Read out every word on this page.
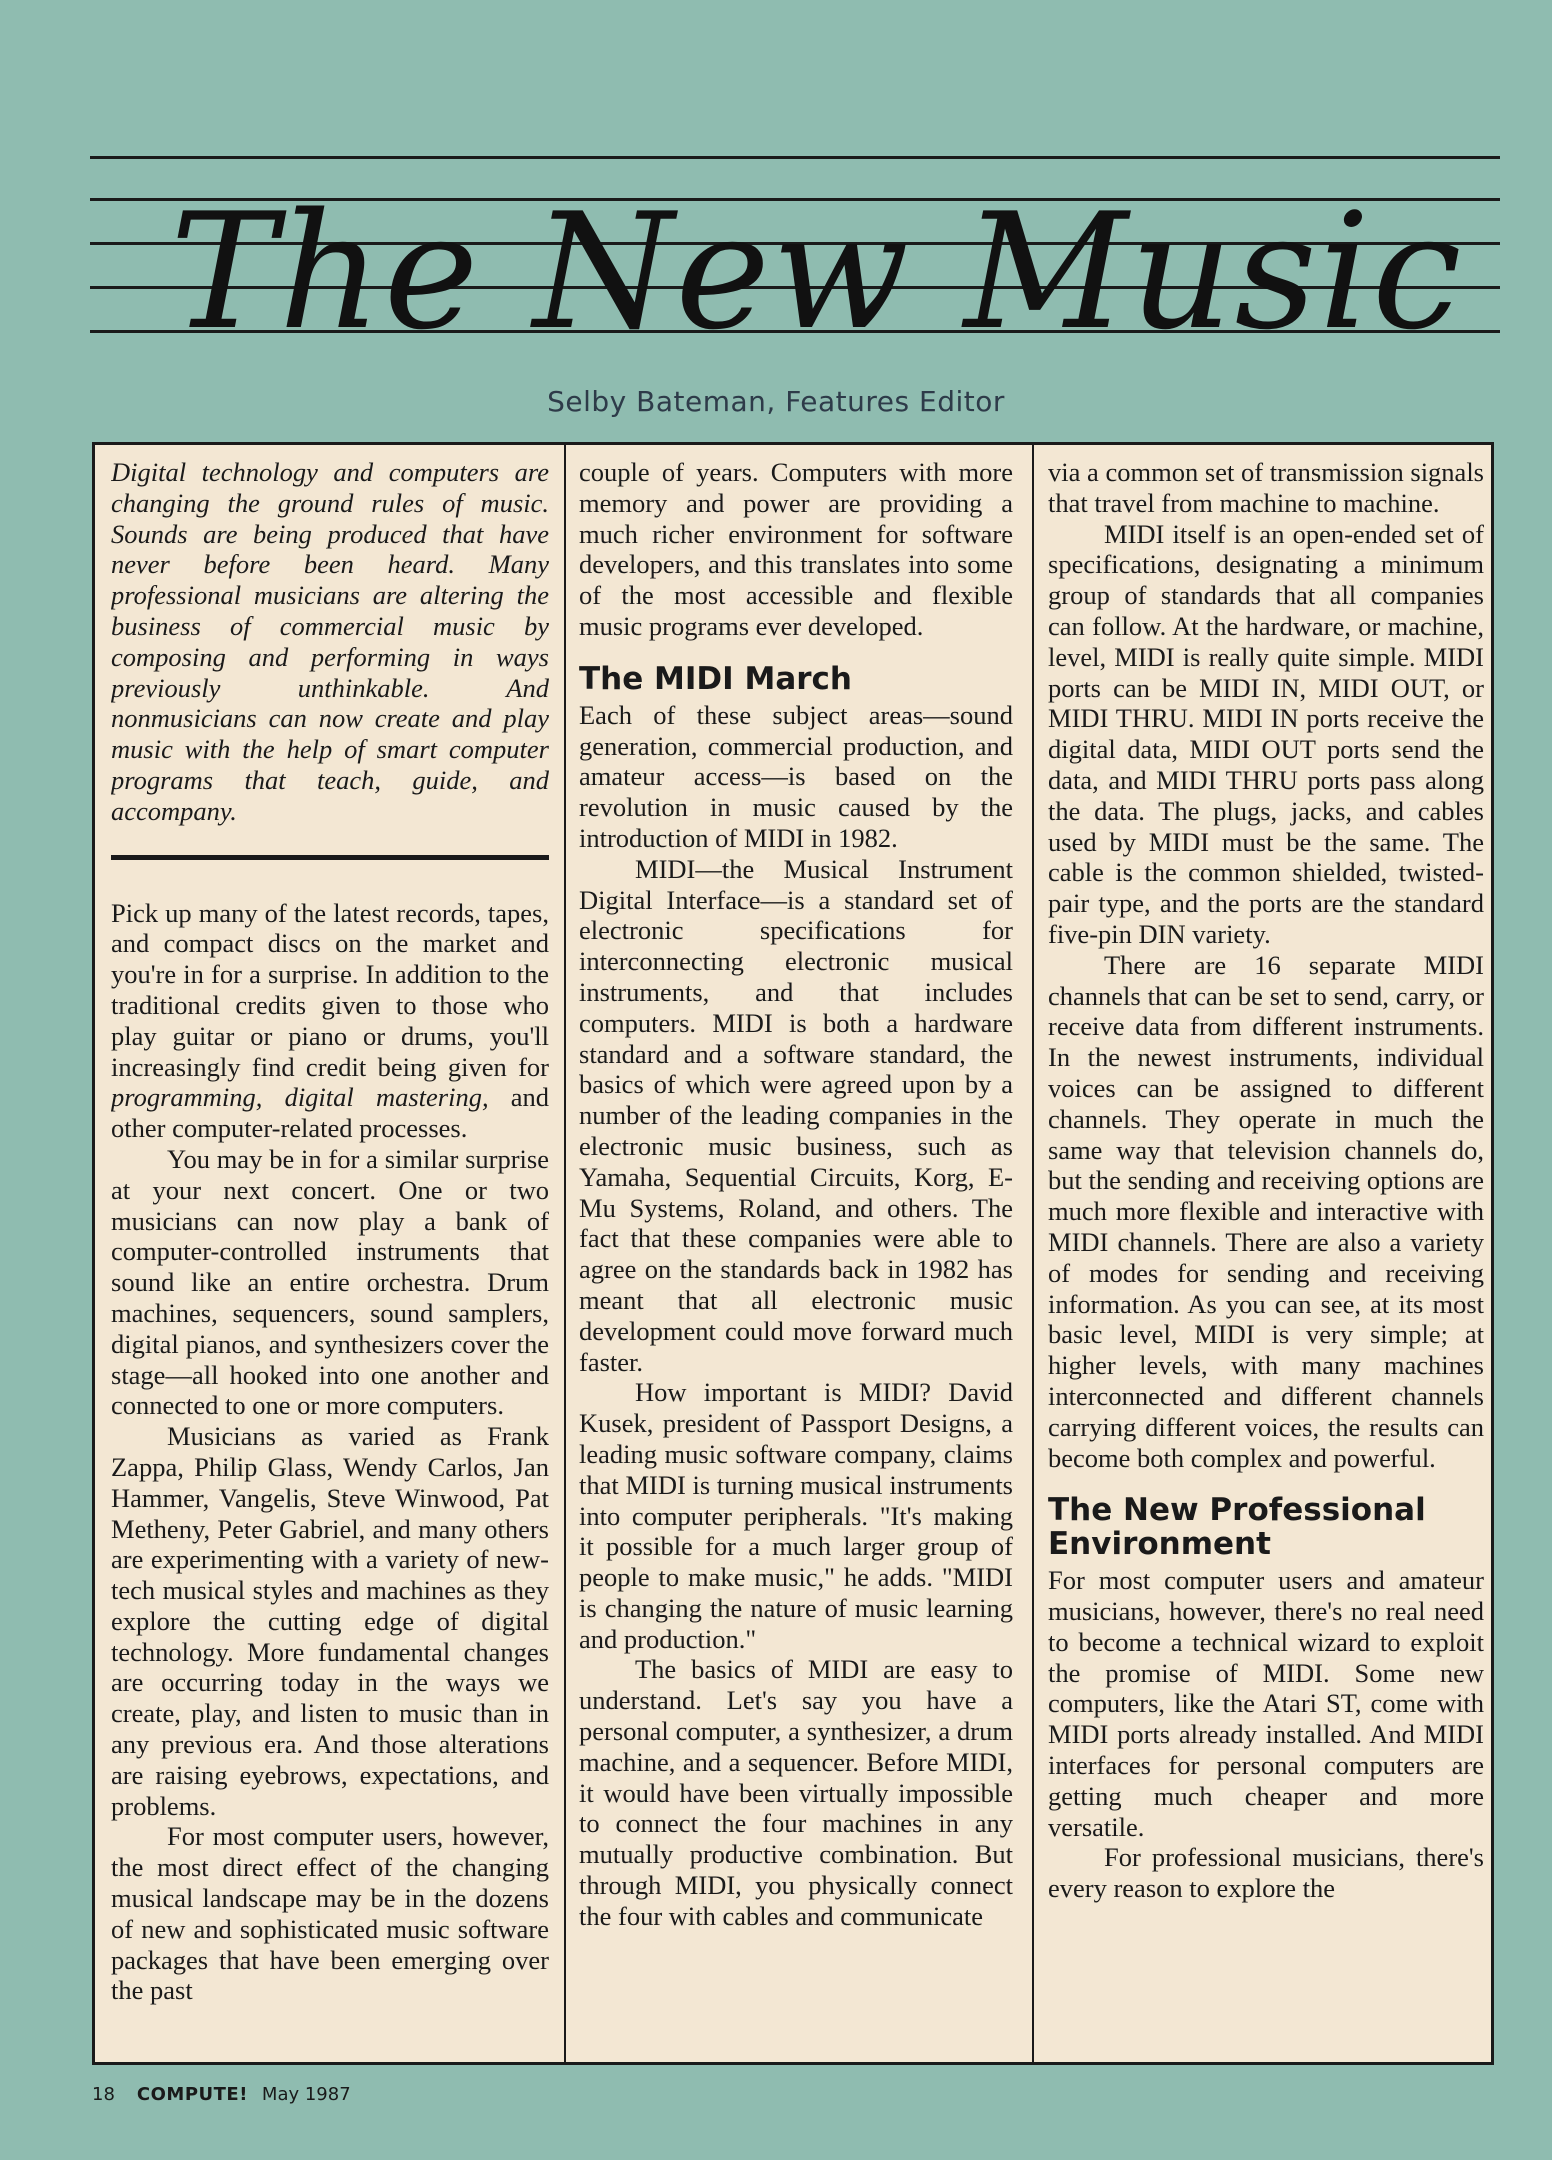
The New Music
Selby Bateman, Features Editor

Digital technology and computers are changing the ground rules of music. Sounds are being produced that have never before been heard. Many professional musicians are altering the business of commercial music by composing and performing in ways previously unthinkable. And nonmusicians can now create and play music with the help of smart computer programs that teach, guide, and accompany.

Pick up many of the latest records, tapes, and compact discs on the market and you're in for a surprise. In addition to the traditional credits given to those who play guitar or piano or drums, you'll increasingly find credit being given for programming, digital mastering, and other computer-related processes.

You may be in for a similar surprise at your next concert. One or two musicians can now play a bank of computer-controlled instruments that sound like an entire orchestra. Drum machines, sequencers, sound samplers, digital pianos, and synthesizers cover the stage—all hooked into one another and connected to one or more computers.

Musicians as varied as Frank Zappa, Philip Glass, Wendy Carlos, Jan Hammer, Vangelis, Steve Winwood, Pat Metheny, Peter Gabriel, and many others are experimenting with a variety of new-tech musical styles and machines as they explore the cutting edge of digital technology. More fundamental changes are occurring today in the ways we create, play, and listen to music than in any previous era. And those alterations are raising eyebrows, expectations, and problems.

For most computer users, however, the most direct effect of the changing musical landscape may be in the dozens of new and sophisticated music software packages that have been emerging over the past

couple of years. Computers with more memory and power are providing a much richer environment for software developers, and this translates into some of the most accessible and flexible music programs ever developed.

The MIDI March

Each of these subject areas—sound generation, commercial production, and amateur access—is based on the revolution in music caused by the introduction of MIDI in 1982.

MIDI—the Musical Instrument Digital Interface—is a standard set of electronic specifications for interconnecting electronic musical instruments, and that includes computers. MIDI is both a hardware standard and a software standard, the basics of which were agreed upon by a number of the leading companies in the electronic music business, such as Yamaha, Sequential Circuits, Korg, E-Mu Systems, Roland, and others. The fact that these companies were able to agree on the standards back in 1982 has meant that all electronic music development could move forward much faster.

How important is MIDI? David Kusek, president of Passport Designs, a leading music software company, claims that MIDI is turning musical instruments into computer peripherals. "It's making it possible for a much larger group of people to make music," he adds. "MIDI is changing the nature of music learning and production."

The basics of MIDI are easy to understand. Let's say you have a personal computer, a synthesizer, a drum machine, and a sequencer. Before MIDI, it would have been virtually impossible to connect the four machines in any mutually productive combination. But through MIDI, you physically connect the four with cables and communicate

via a common set of transmission signals that travel from machine to machine.

MIDI itself is an open-ended set of specifications, designating a minimum group of standards that all companies can follow. At the hardware, or machine, level, MIDI is really quite simple. MIDI ports can be MIDI IN, MIDI OUT, or MIDI THRU. MIDI IN ports receive the digital data, MIDI OUT ports send the data, and MIDI THRU ports pass along the data. The plugs, jacks, and cables used by MIDI must be the same. The cable is the common shielded, twisted-pair type, and the ports are the standard five-pin DIN variety.

There are 16 separate MIDI channels that can be set to send, carry, or receive data from different instruments. In the newest instruments, individual voices can be assigned to different channels. They operate in much the same way that television channels do, but the sending and receiving options are much more flexible and interactive with MIDI channels. There are also a variety of modes for sending and receiving information. As you can see, at its most basic level, MIDI is very simple; at higher levels, with many machines interconnected and different channels carrying different voices, the results can become both complex and powerful.

The New Professional Environment

For most computer users and amateur musicians, however, there's no real need to become a technical wizard to exploit the promise of MIDI. Some new computers, like the Atari ST, come with MIDI ports already installed. And MIDI interfaces for personal computers are getting much cheaper and more versatile.

For professional musicians, there's every reason to explore the

18 COMPUTE! May 1987
